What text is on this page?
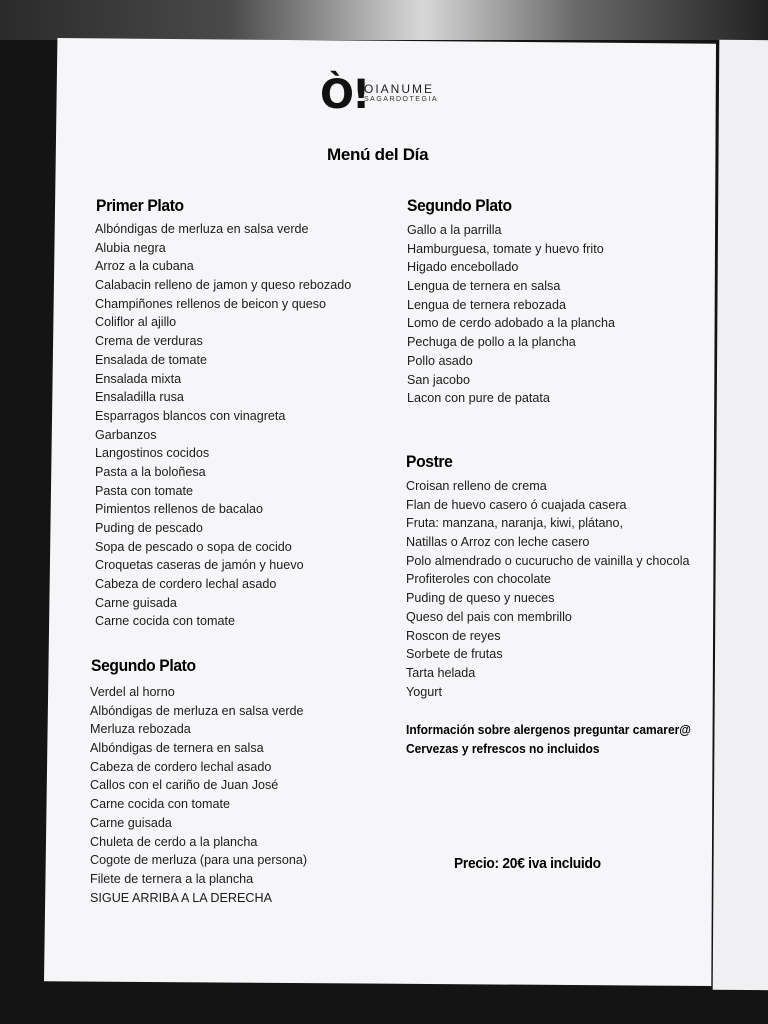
Ò!
OIANUME
SAGARDOTEGIA
Menú del Día
Primer Plato
Albóndigas de merluza en salsa verde
Alubia negra
Arroz a la cubana
Calabacin relleno de jamon y queso rebozado
Champiñones rellenos de beicon y queso
Coliflor al ajillo
Crema de verduras
Ensalada de tomate
Ensalada mixta
Ensaladilla rusa
Esparragos blancos con vinagreta
Garbanzos
Langostinos cocidos
Pasta a la boloñesa
Pasta con tomate
Pimientos rellenos de bacalao
Puding de pescado
Sopa de pescado o sopa de cocido
Croquetas caseras de jamón y huevo
Cabeza de cordero lechal asado
Carne guisada
Carne cocida con tomate
Segundo Plato
Verdel al horno
Albóndigas de merluza en salsa verde
Merluza rebozada
Albóndigas de ternera en salsa
Cabeza de cordero lechal asado
Callos con el cariño de Juan José
Carne cocida con tomate
Carne guisada
Chuleta de cerdo a la plancha
Cogote de merluza (para una persona)
Filete de ternera a la plancha
SIGUE ARRIBA A LA DERECHA
Segundo Plato
Gallo a la parrilla
Hamburguesa, tomate y huevo frito
Higado encebollado
Lengua de ternera en salsa
Lengua de ternera rebozada
Lomo de cerdo adobado a la plancha
Pechuga de pollo a la plancha
Pollo asado
San jacobo
Lacon con pure de patata
Postre
Croisan relleno de crema
Flan de huevo casero ó cuajada casera
Fruta: manzana, naranja, kiwi, plátano,
Natillas o Arroz con leche casero
Polo almendrado o cucurucho de vainilla y chocola
Profiteroles con chocolate
Puding de queso y nueces
Queso del pais con membrillo
Roscon de reyes
Sorbete de frutas
Tarta helada
Yogurt
Información sobre alergenos preguntar camarer@
Cervezas y refrescos no incluidos
Precio: 20€ iva incluido
